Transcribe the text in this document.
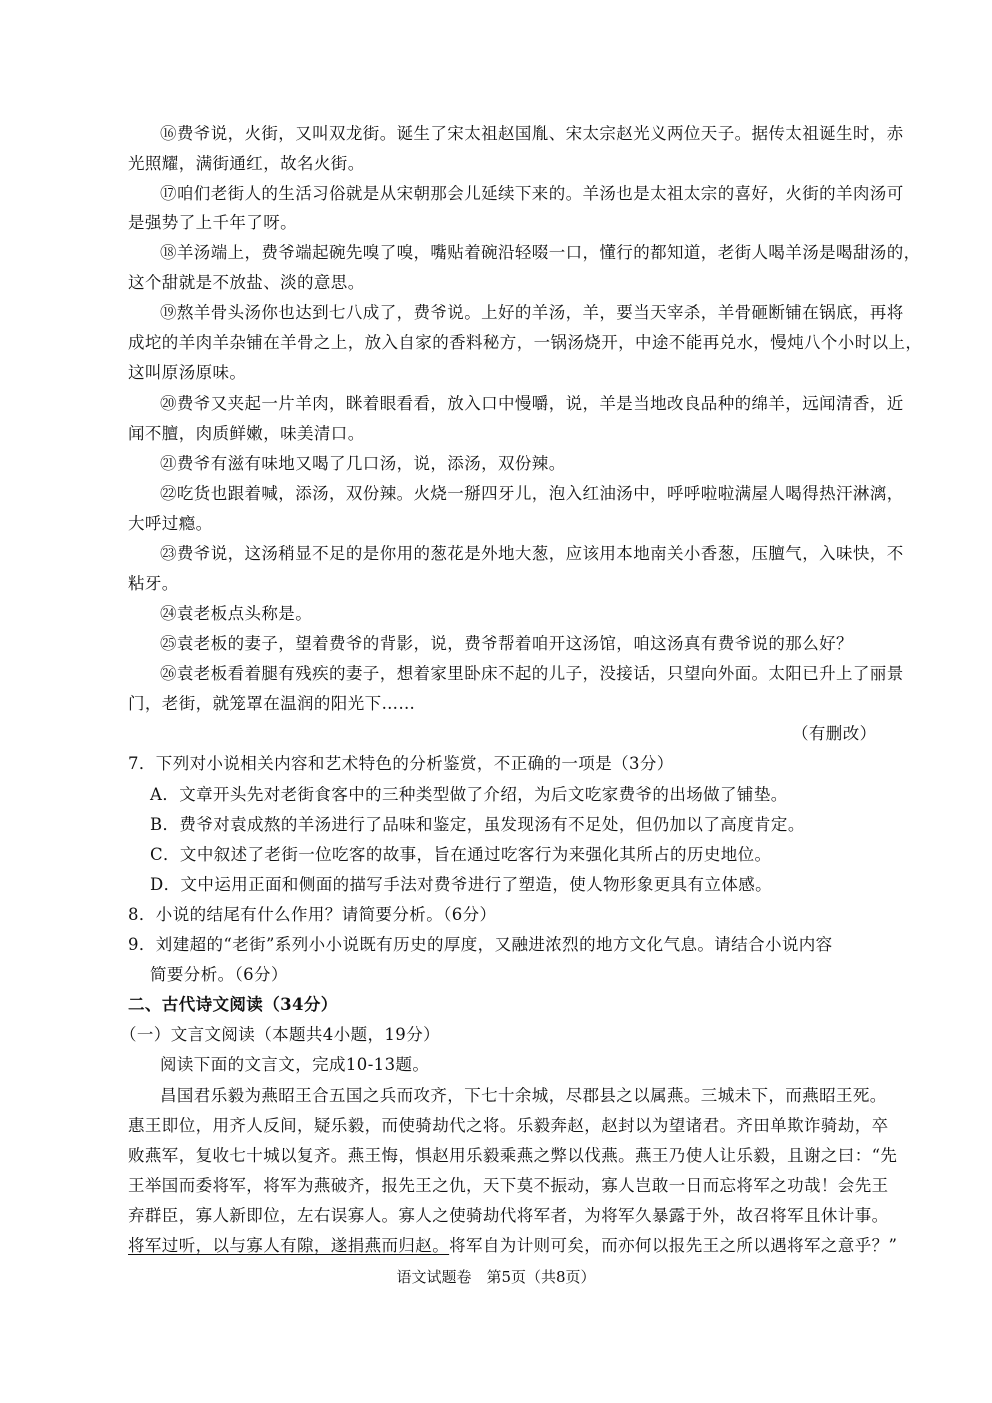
⑯费爷说，火街，又叫双龙街。诞生了宋太祖赵国胤、宋太宗赵光义两位天子。据传太祖诞生时，赤
光照耀，满街通红，故名火街。
⑰咱们老街人的生活习俗就是从宋朝那会儿延续下来的。羊汤也是太祖太宗的喜好，火街的羊肉汤可
是强势了上千年了呀。
⑱羊汤端上，费爷端起碗先嗅了嗅，嘴贴着碗沿轻啜一口，懂行的都知道，老街人喝羊汤是喝甜汤的，
这个甜就是不放盐、淡的意思。
⑲熬羊骨头汤你也达到七八成了，费爷说。上好的羊汤，羊，要当天宰杀，羊骨砸断铺在锅底，再将
成坨的羊肉羊杂铺在羊骨之上，放入自家的香料秘方，一锅汤烧开，中途不能再兑水，慢炖八个小时以上，
这叫原汤原味。
⑳费爷又夹起一片羊肉，眯着眼看看，放入口中慢嚼，说，羊是当地改良品种的绵羊，远闻清香，近
闻不膻，肉质鲜嫩，味美清口。
㉑费爷有滋有味地又喝了几口汤，说，添汤，双份辣。
㉒吃货也跟着喊，添汤，双份辣。火烧一掰四牙儿，泡入红油汤中，呼呼啦啦满屋人喝得热汗淋漓，
大呼过瘾。
㉓费爷说，这汤稍显不足的是你用的葱花是外地大葱，应该用本地南关小香葱，压膻气，入味快，不
粘牙。
㉔袁老板点头称是。
㉕袁老板的妻子，望着费爷的背影，说，费爷帮着咱开这汤馆，咱这汤真有费爷说的那么好？
㉖袁老板看着腿有残疾的妻子，想着家里卧床不起的儿子，没接话，只望向外面。太阳已升上了丽景
门，老街，就笼罩在温润的阳光下……
（有删改）
7．下列对小说相关内容和艺术特色的分析鉴赏，不正确的一项是（3分）
A．文章开头先对老街食客中的三种类型做了介绍，为后文吃家费爷的出场做了铺垫。
B．费爷对袁成熬的羊汤进行了品味和鉴定，虽发现汤有不足处，但仍加以了高度肯定。
C．文中叙述了老街一位吃客的故事，旨在通过吃客行为来强化其所占的历史地位。
D．文中运用正面和侧面的描写手法对费爷进行了塑造，使人物形象更具有立体感。
8．小说的结尾有什么作用？请简要分析。（6分）
9．刘建超的“老街”系列小小说既有历史的厚度，又融进浓烈的地方文化气息。请结合小说内容
简要分析。（6分）
二、古代诗文阅读（34分）
（一）文言文阅读（本题共4小题，19分）
阅读下面的文言文，完成10-13题。
昌国君乐毅为燕昭王合五国之兵而攻齐，下七十余城，尽郡县之以属燕。三城未下，而燕昭王死。
惠王即位，用齐人反间，疑乐毅，而使骑劫代之将。乐毅奔赵，赵封以为望诸君。齐田单欺诈骑劫，卒
败燕军，复收七十城以复齐。燕王悔，惧赵用乐毅乘燕之弊以伐燕。燕王乃使人让乐毅，且谢之曰：“先
王举国而委将军，将军为燕破齐，报先王之仇，天下莫不振动，寡人岂敢一日而忘将军之功哉！会先王
弃群臣，寡人新即位，左右误寡人。寡人之使骑劫代将军者，为将军久暴露于外，故召将军且休计事。
将军过听，以与寡人有隙，遂捐燕而归赵。将军自为计则可矣，而亦何以报先王之所以遇将军之意乎？”
语文试题卷　第5页（共8页）
